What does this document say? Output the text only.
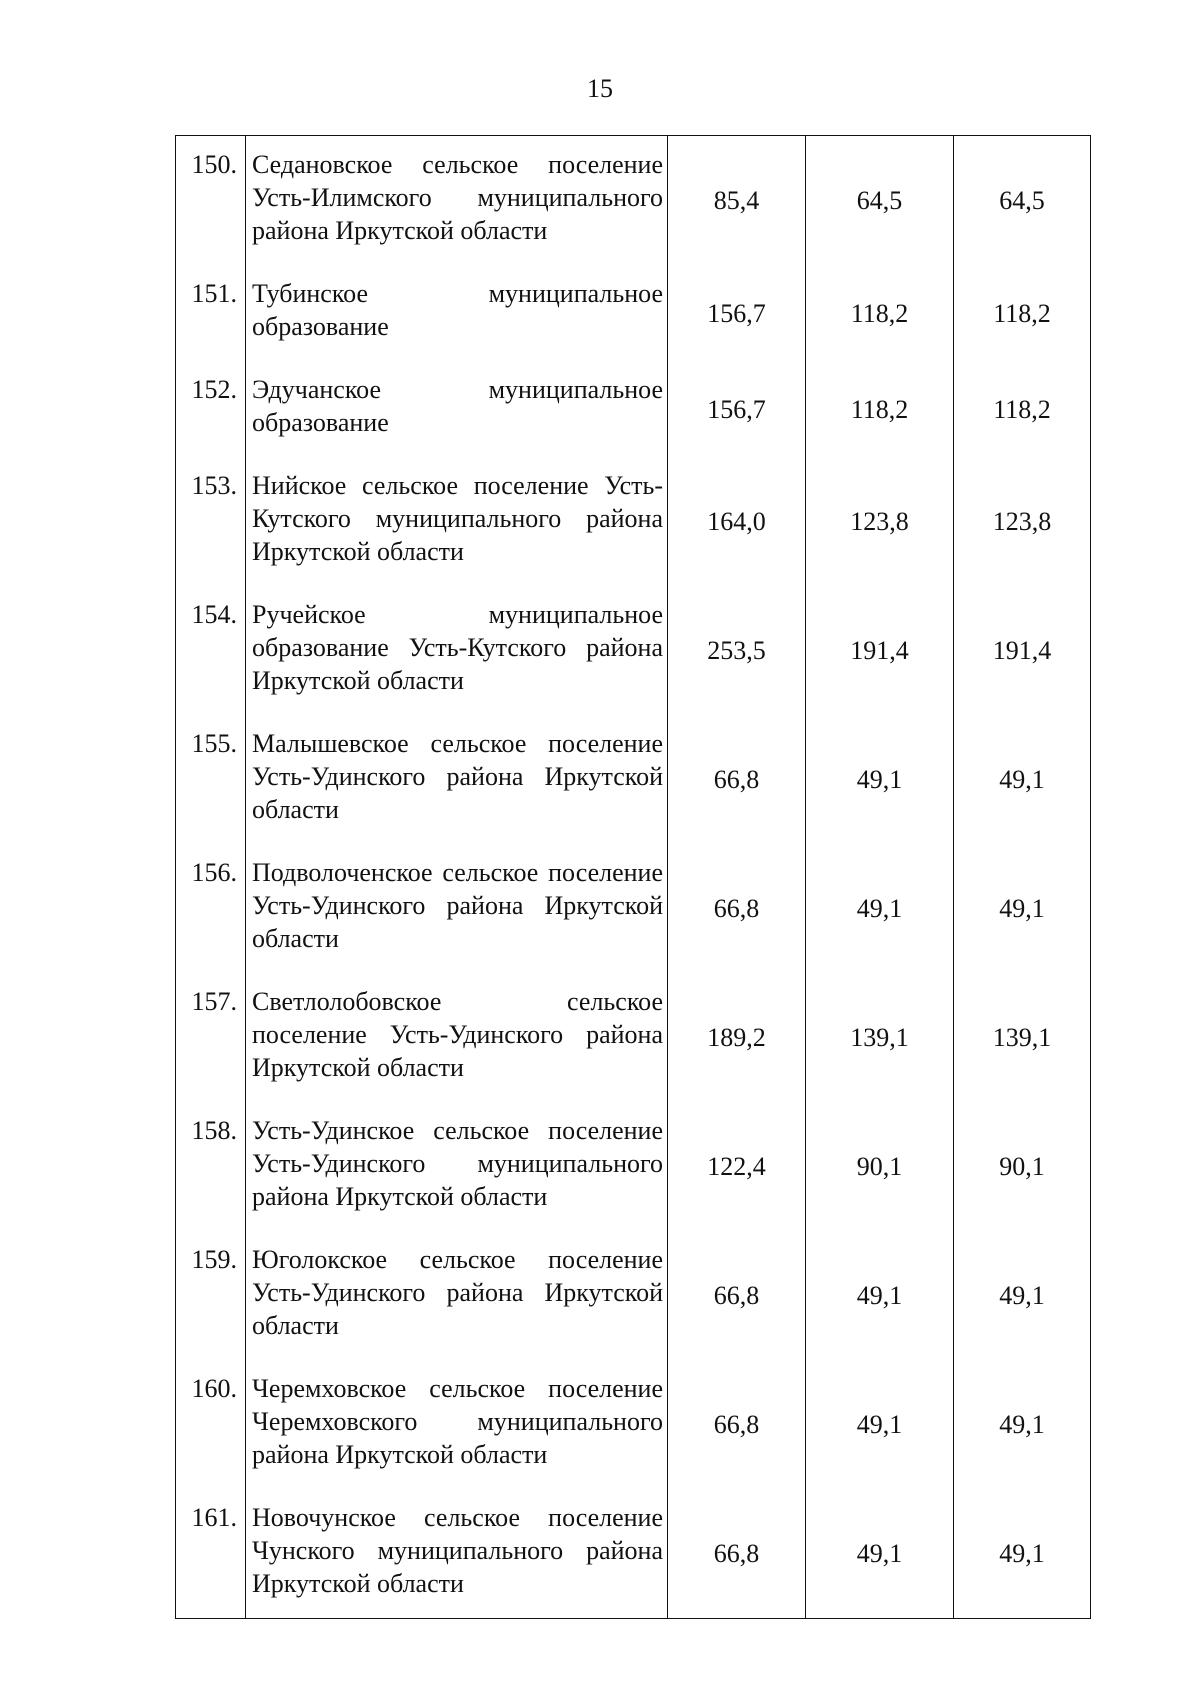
15
150.	Седановское сельское поселение Усть-Илимского муниципального района Иркутской области	85,4	64,5	64,5
151.	Тубинское муниципальное образование	156,7	118,2	118,2
152.	Эдучанское муниципальное образование	156,7	118,2	118,2
153.	Нийское сельское поселение Усть-Кутского муниципального района Иркутской области	164,0	123,8	123,8
154.	Ручейское муниципальное образование Усть-Кутского района Иркутской области	253,5	191,4	191,4
155.	Малышевское сельское поселение Усть-Удинского района Иркутской области	66,8	49,1	49,1
156.	Подволоченское сельское поселение Усть-Удинского района Иркутской области	66,8	49,1	49,1
157.	Светлолобовское сельское поселение Усть-Удинского района Иркутской области	189,2	139,1	139,1
158.	Усть-Удинское сельское поселение Усть-Удинского муниципального района Иркутской области	122,4	90,1	90,1
159.	Юголокское сельское поселение Усть-Удинского района Иркутской области	66,8	49,1	49,1
160.	Черемховское сельское поселение Черемховского муниципального района Иркутской области	66,8	49,1	49,1
161.	Новочунское сельское поселение Чунского муниципального района Иркутской области	66,8	49,1	49,1
